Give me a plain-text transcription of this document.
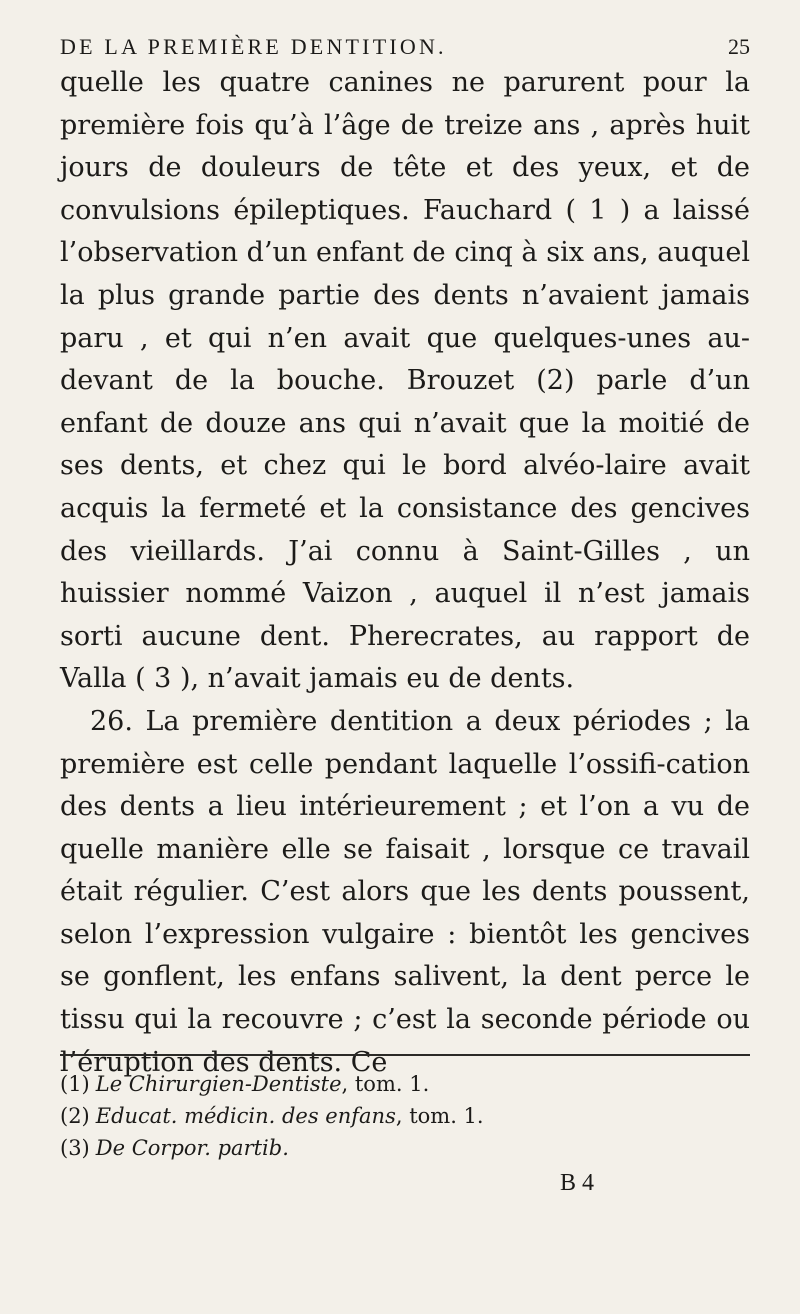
DE LA PREMIÈRE DENTITION.	25

quelle les quatre canines ne parurent pour la première fois qu’à l’âge de treize ans , après huit jours de douleurs de tête et des yeux, et de convulsions épileptiques. Fauchard ( 1 ) a laissé l’observation d’un enfant de cinq à six ans, auquel la plus grande partie des dents n’avaient jamais paru , et qui n’en avait que quelques-unes au-devant de la bouche. Brouzet (2) parle d’un enfant de douze ans qui n’avait que la moitié de ses dents, et chez qui le bord alvéo-laire avait acquis la fermeté et la consistance des gencives des vieillards. J’ai connu à Saint-Gilles , un huissier nommé Vaizon , auquel il n’est jamais sorti aucune dent. Pherecrates, au rapport de Valla ( 3 ), n’avait jamais eu de dents.

26. La première dentition a deux périodes ; la première est celle pendant laquelle l’ossifi-cation des dents a lieu intérieurement ; et l’on a vu de quelle manière elle se faisait , lorsque ce travail était régulier. C’est alors que les dents poussent, selon l’expression vulgaire : bientôt les gencives se gonflent, les enfans salivent, la dent perce le tissu qui la recouvre ; c’est la seconde période ou l’éruption des dents. Ce

(1) Le Chirurgien-Dentiste, tom. 1.
(2) Educat. médicin. des enfans, tom. 1.
(3) De Corpor. partib.
B 4
